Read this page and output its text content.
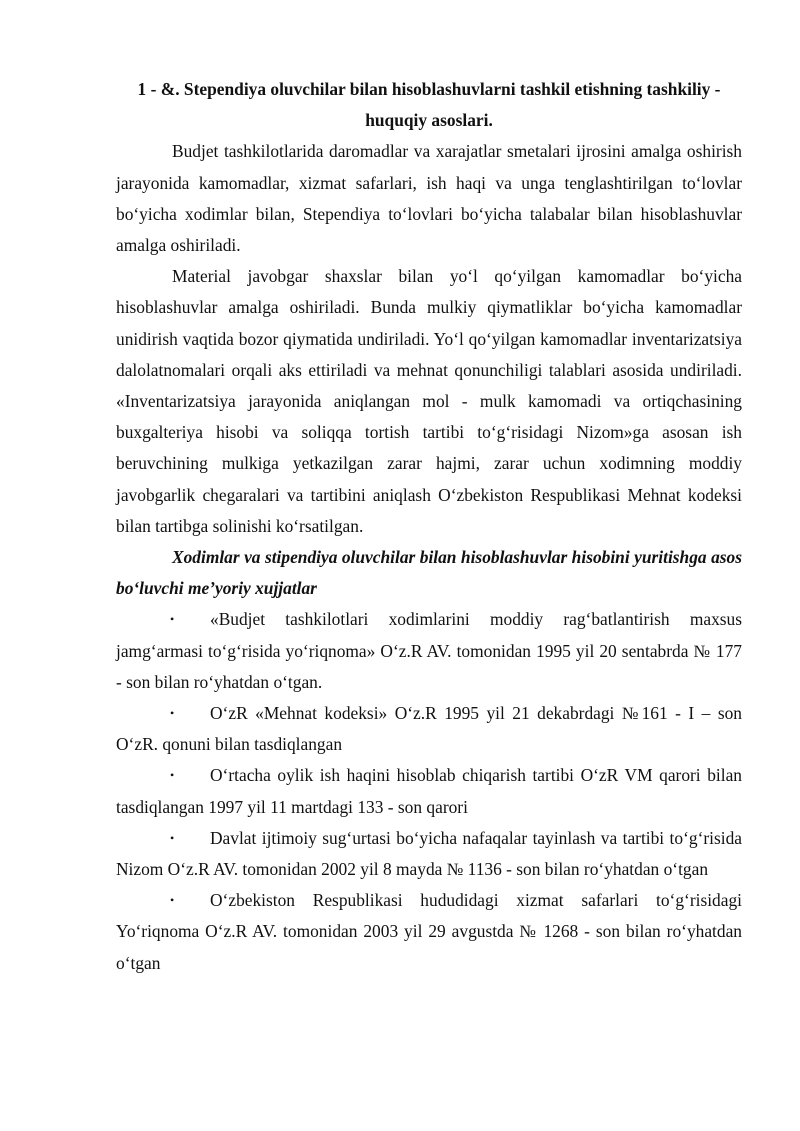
1 - &. Stependiya oluvchilar bilan hisoblashuvlarni tashkil etishning tashkiliy - huquqiy asoslari.

Budjet tashkilotlarida daromadlar va xarajatlar smetalari ijrosini amalga oshirish jarayonida kamomadlar, xizmat safarlari, ish haqi va unga tenglashtirilgan to‘lovlar bo‘yicha xodimlar bilan, Stependiya to‘lovlari bo‘yicha talabalar bilan hisoblashuvlar amalga oshiriladi.

Material javobgar shaxslar bilan yo‘l qo‘yilgan kamomadlar bo‘yicha hisoblashuvlar amalga oshiriladi. Bunda mulkiy qiymatliklar bo‘yicha kamomadlar unidirish vaqtida bozor qiymatida undiriladi. Yo‘l qo‘yilgan kamomadlar inventarizatsiya dalolatnomalari orqali aks ettiriladi va mehnat qonunchiligi talablari asosida undiriladi. «Inventarizatsiya jarayonida aniqlangan mol - mulk kamomadi va ortiqchasining buxgalteriya hisobi va soliqqa tortish tartibi to‘g‘risidagi Nizom»ga asosan ish beruvchining mulkiga yetkazilgan zarar hajmi, zarar uchun xodimning moddiy javobgarlik chegaralari va tartibini aniqlash O‘zbekiston Respublikasi Mehnat kodeksi bilan tartibga solinishi ko‘rsatilgan.

Xodimlar va stipendiya oluvchilar bilan hisoblashuvlar hisobini yuritishga asos bo‘luvchi me’yoriy xujjatlar

• «Budjet tashkilotlari xodimlarini moddiy rag‘batlantirish maxsus jamg‘armasi to‘g‘risida yo‘riqnoma» O‘z.R AV. tomonidan 1995 yil 20 sentabrda № 177 - son bilan ro‘yhatdan o‘tgan.
• O‘zR «Mehnat kodeksi» O‘z.R 1995 yil 21 dekabrdagi №161 - I – son O‘zR. qonuni bilan tasdiqlangan
• O‘rtacha oylik ish haqini hisoblab chiqarish tartibi O‘zR VM qarori bilan tasdiqlangan 1997 yil 11 martdagi 133 - son qarori
• Davlat ijtimoiy sug‘urtasi bo‘yicha nafaqalar tayinlash va tartibi to‘g‘risida Nizom O‘z.R AV. tomonidan 2002 yil 8 mayda № 1136 - son bilan ro‘yhatdan o‘tgan
• O‘zbekiston Respublikasi hududidagi xizmat safarlari to‘g‘risidagi Yo‘riqnoma O‘z.R AV. tomonidan 2003 yil 29 avgustda № 1268 - son bilan ro‘yhatdan o‘tgan
